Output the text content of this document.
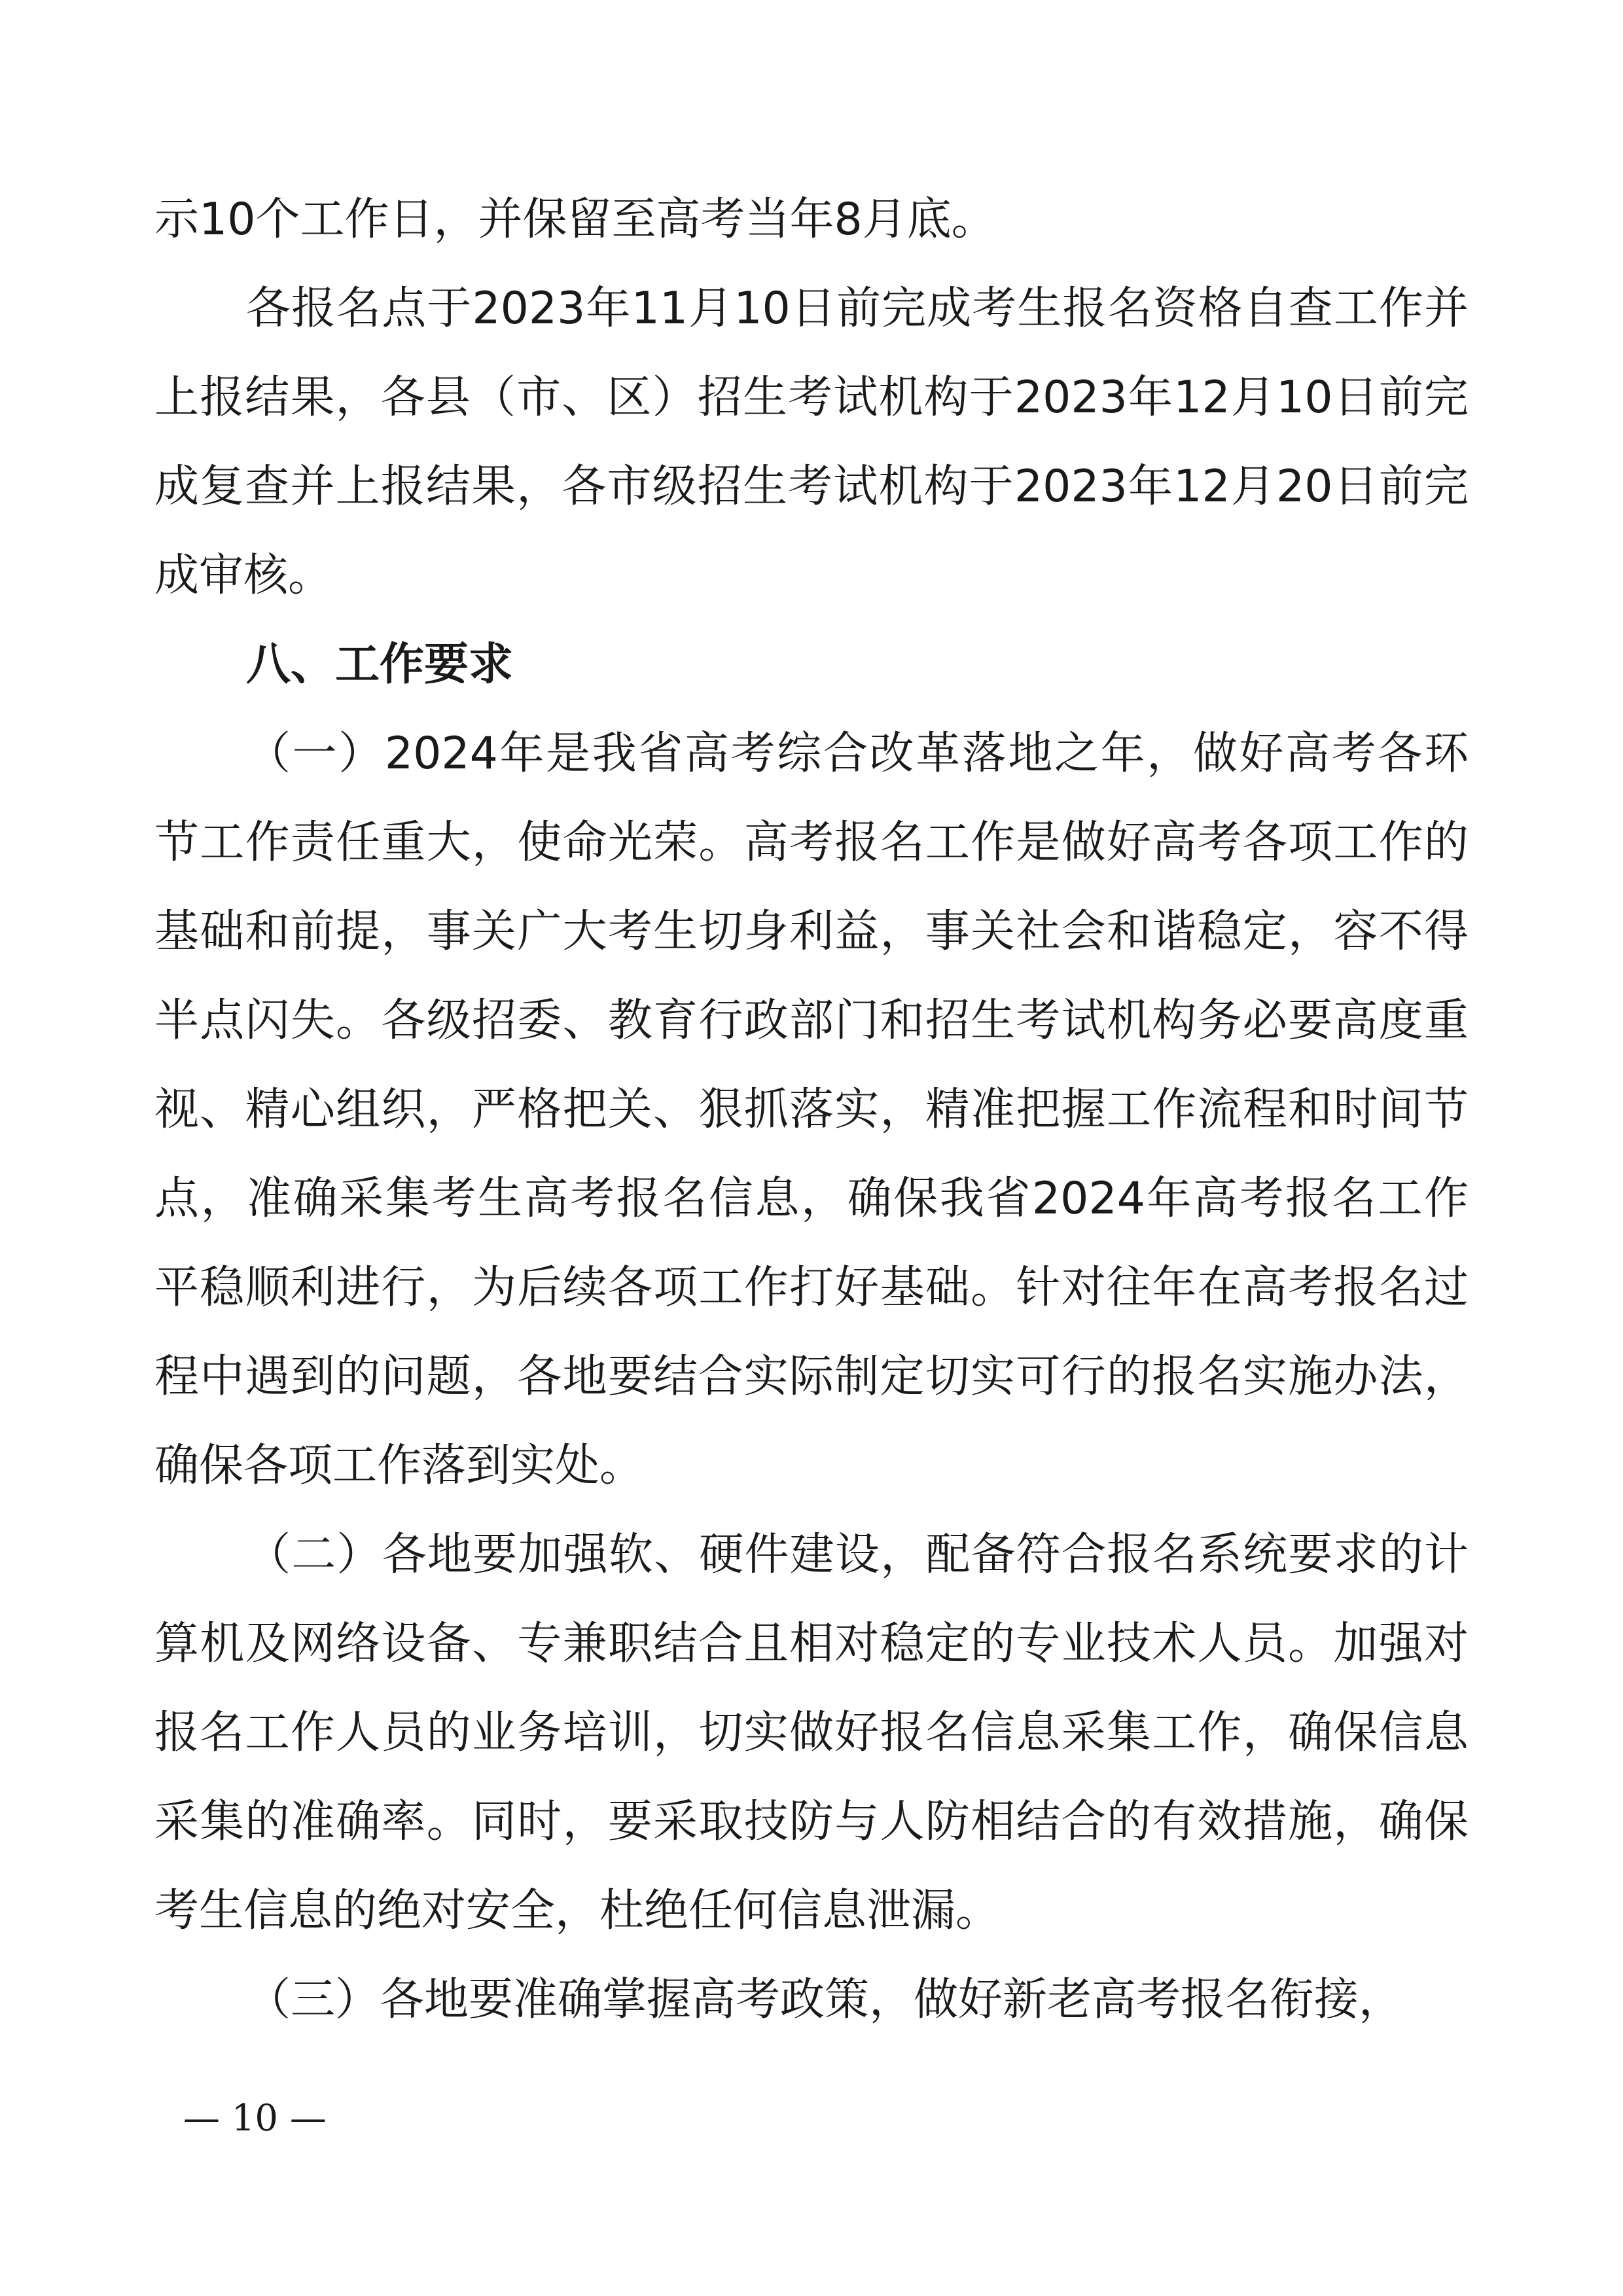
示10个工作日，并保留至高考当年8月底。

各报名点于2023年11月10日前完成考生报名资格自查工作并上报结果，各县（市、区）招生考试机构于2023年12月10日前完成复查并上报结果，各市级招生考试机构于2023年12月20日前完成审核。

八、工作要求

（一）2024年是我省高考综合改革落地之年，做好高考各环节工作责任重大，使命光荣。高考报名工作是做好高考各项工作的基础和前提，事关广大考生切身利益，事关社会和谐稳定，容不得半点闪失。各级招委、教育行政部门和招生考试机构务必要高度重视、精心组织，严格把关、狠抓落实，精准把握工作流程和时间节点，准确采集考生高考报名信息，确保我省2024年高考报名工作平稳顺利进行，为后续各项工作打好基础。针对往年在高考报名过程中遇到的问题，各地要结合实际制定切实可行的报名实施办法，确保各项工作落到实处。

（二）各地要加强软、硬件建设，配备符合报名系统要求的计算机及网络设备、专兼职结合且相对稳定的专业技术人员。加强对报名工作人员的业务培训，切实做好报名信息采集工作，确保信息采集的准确率。同时，要采取技防与人防相结合的有效措施，确保考生信息的绝对安全，杜绝任何信息泄漏。

（三）各地要准确掌握高考政策，做好新老高考报名衔接，

— 10 —
